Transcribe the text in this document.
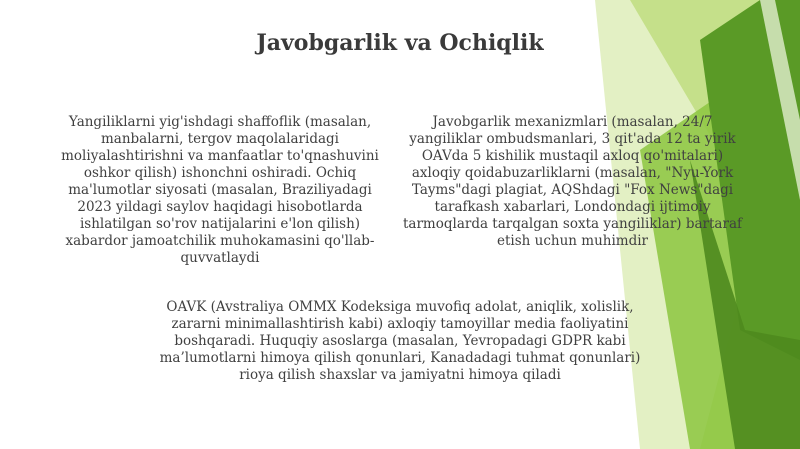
Javobgarlik va Ochiqlik

Yangiliklarni yig'ishdagi shaffoflik (masalan, manbalarni, tergov maqolalaridagi moliyalashtirishni va manfaatlar to'qnashuvini oshkor qilish) ishonchni oshiradi. Ochiq ma'lumotlar siyosati (masalan, Braziliyadagi 2023 yildagi saylov haqidagi hisobotlarda ishlatilgan so'rov natijalarini e'lon qilish) xabardor jamoatchilik muhokamasini qo'llab-quvvatlaydi

Javobgarlik mexanizmlari (masalan, 24/7 yangiliklar ombudsmanlari, 3 qit'ada 12 ta yirik OAVda 5 kishilik mustaqil axloq qo'mitalari) axloqiy qoidabuzarliklarni (masalan, "Nyu-York Tayms"dagi plagiat, AQShdagi "Fox News"dagi tarafkash xabarlari, Londondagi ijtimoiy tarmoqlarda tarqalgan soxta yangiliklar) bartaraf etish uchun muhimdir

OAVK (Avstraliya OMMX Kodeksiga muvofiq adolat, aniqlik, xolislik, zararni minimallashtirish kabi) axloqiy tamoyillar media faoliyatini boshqaradi. Huquqiy asoslarga (masalan, Yevropadagi GDPR kabi ma’lumotlarni himoya qilish qonunlari, Kanadadagi tuhmat qonunlari) rioya qilish shaxslar va jamiyatni himoya qiladi
